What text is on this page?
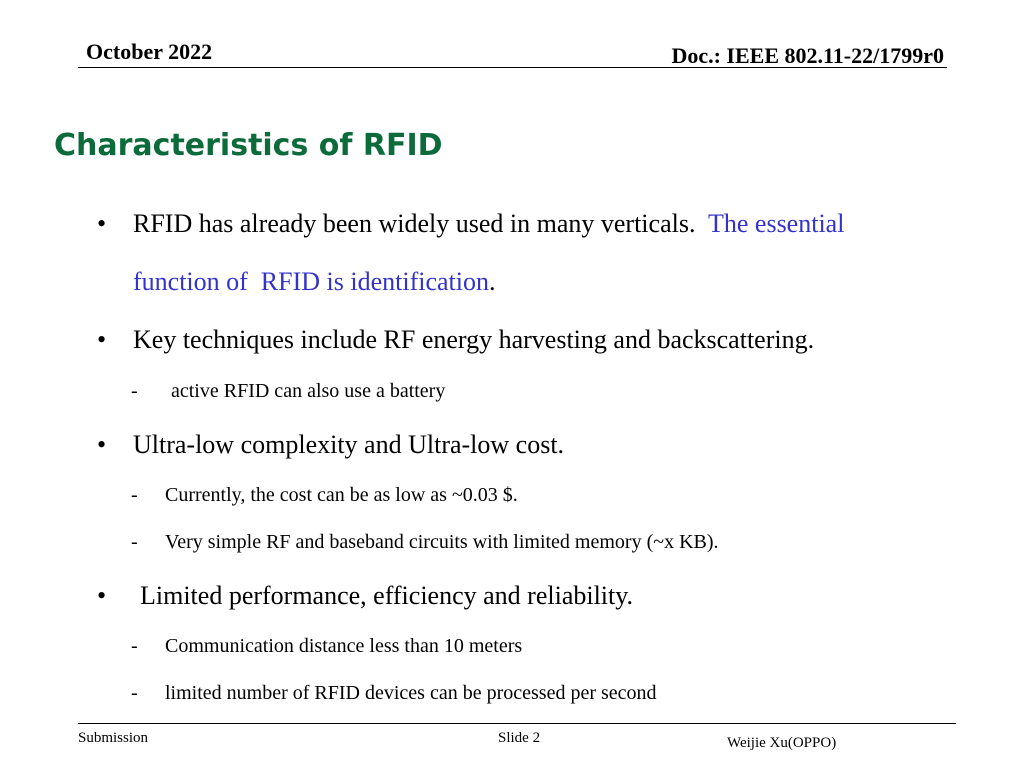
October 2022	Doc.: IEEE 802.11-22/1799r0
Characteristics of RFID
• RFID has already been widely used in many verticals.  The essential
function of  RFID is identification.
• Key techniques include RF energy harvesting and backscattering.
- active RFID can also use a battery
• Ultra-low complexity and Ultra-low cost.
- Currently, the cost can be as low as ~0.03 $.
- Very simple RF and baseband circuits with limited memory (~x KB).
• Limited performance, efficiency and reliability.
- Communication distance less than 10 meters
- limited number of RFID devices can be processed per second
Submission	Slide 2	Weijie Xu(OPPO)
